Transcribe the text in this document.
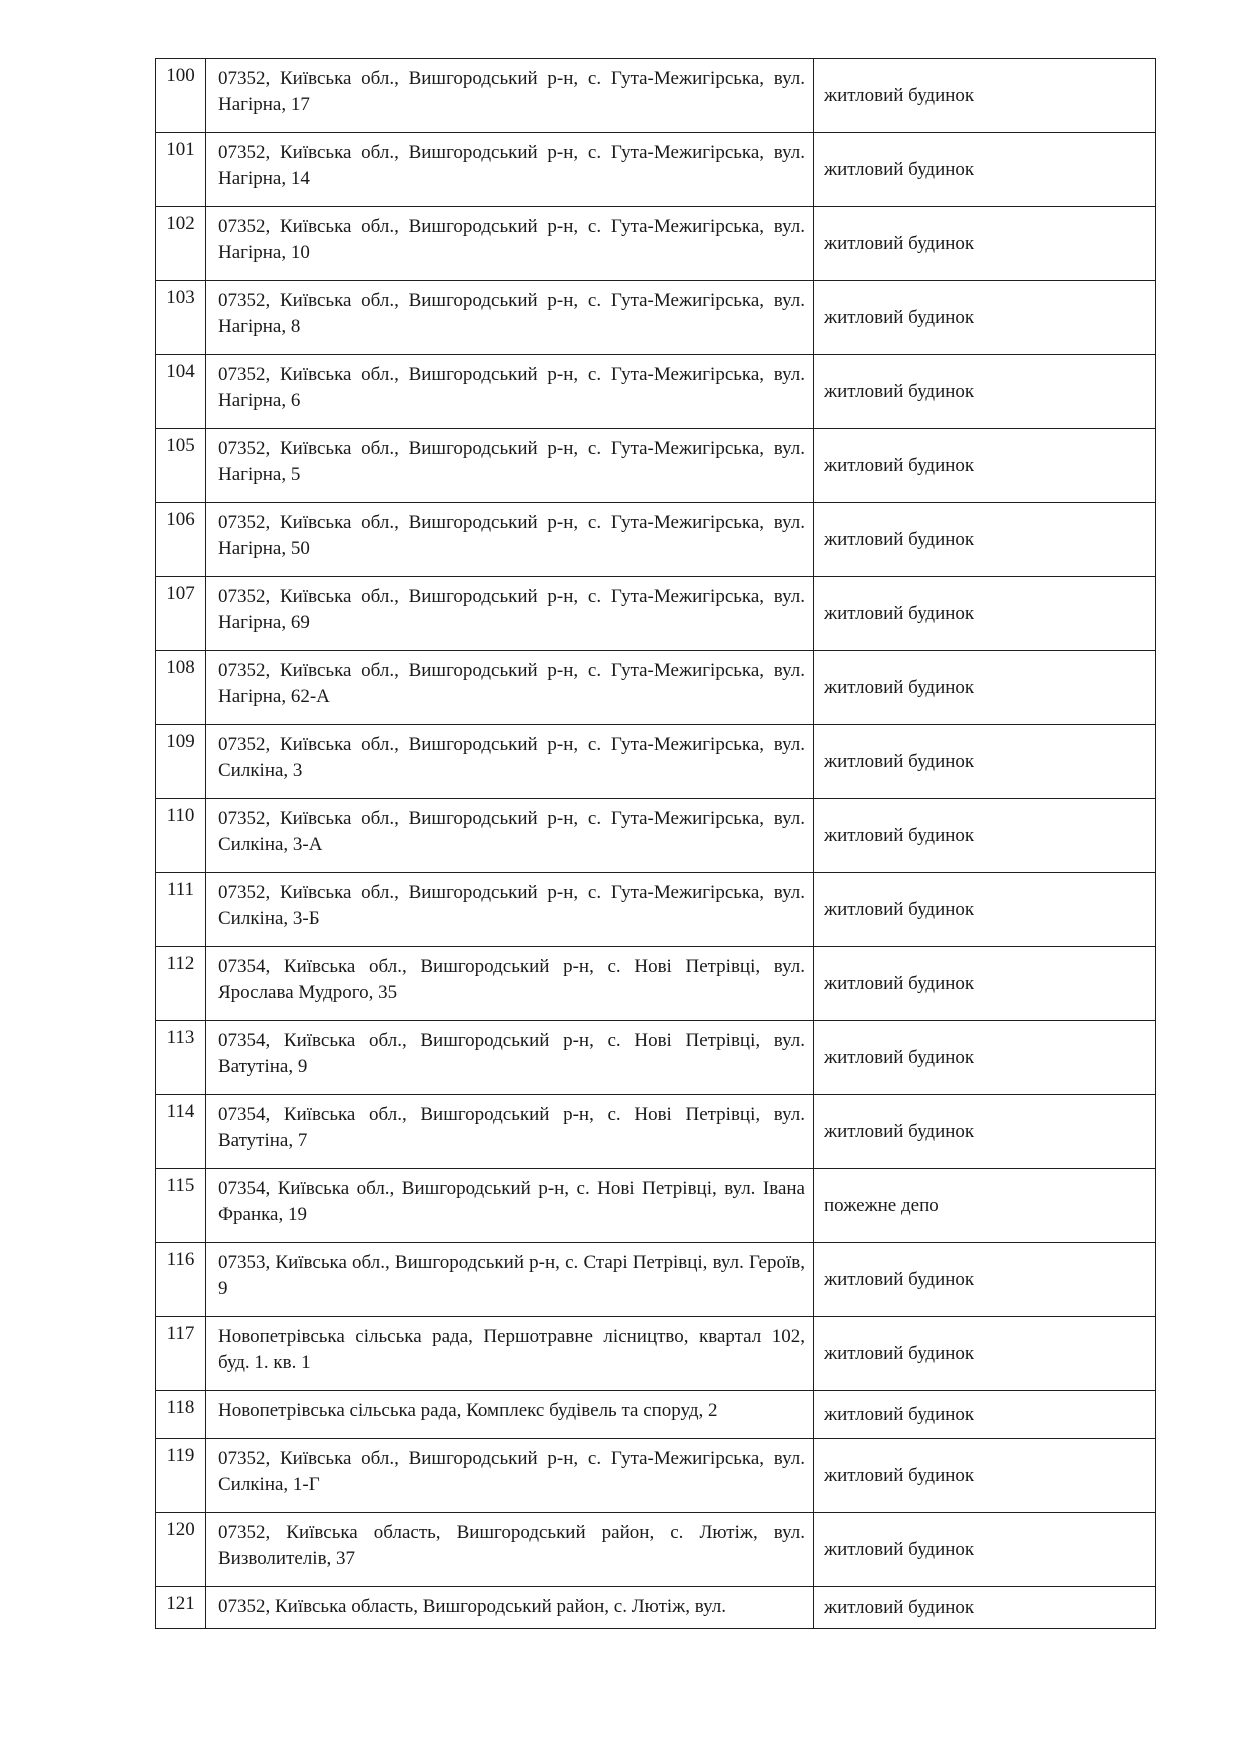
100	07352, Київська обл., Вишгородський р-н, с. Гута-Межигірська, вул. Нагірна, 17	житловий будинок
101	07352, Київська обл., Вишгородський р-н, с. Гута-Межигірська, вул. Нагірна, 14	житловий будинок
102	07352, Київська обл., Вишгородський р-н, с. Гута-Межигірська, вул. Нагірна, 10	житловий будинок
103	07352, Київська обл., Вишгородський р-н, с. Гута-Межигірська, вул. Нагірна, 8	житловий будинок
104	07352, Київська обл., Вишгородський р-н, с. Гута-Межигірська, вул. Нагірна, 6	житловий будинок
105	07352, Київська обл., Вишгородський р-н, с. Гута-Межигірська, вул. Нагірна, 5	житловий будинок
106	07352, Київська обл., Вишгородський р-н, с. Гута-Межигірська, вул. Нагірна, 50	житловий будинок
107	07352, Київська обл., Вишгородський р-н, с. Гута-Межигірська, вул. Нагірна, 69	житловий будинок
108	07352, Київська обл., Вишгородський р-н, с. Гута-Межигірська, вул. Нагірна, 62-А	житловий будинок
109	07352, Київська обл., Вишгородський р-н, с. Гута-Межигірська, вул. Силкіна, 3	житловий будинок
110	07352, Київська обл., Вишгородський р-н, с. Гута-Межигірська, вул. Силкіна, 3-А	житловий будинок
111	07352, Київська обл., Вишгородський р-н, с. Гута-Межигірська, вул. Силкіна, 3-Б	житловий будинок
112	07354, Київська обл., Вишгородський р-н, с. Нові Петрівці, вул. Ярослава Мудрого, 35	житловий будинок
113	07354, Київська обл., Вишгородський р-н, с. Нові Петрівці, вул. Ватутіна, 9	житловий будинок
114	07354, Київська обл., Вишгородський р-н, с. Нові Петрівці, вул. Ватутіна, 7	житловий будинок
115	07354, Київська обл., Вишгородський р-н, с. Нові Петрівці, вул. Івана Франка, 19	пожежне депо
116	07353, Київська обл., Вишгородський р-н, с. Старі Петрівці, вул. Героїв, 9	житловий будинок
117	Новопетрівська сільська рада, Першотравне лісництво, квартал 102, буд. 1. кв. 1	житловий будинок
118	Новопетрівська сільська рада, Комплекс будівель та споруд, 2	житловий будинок
119	07352, Київська обл., Вишгородський р-н, с. Гута-Межигірська, вул. Силкіна, 1-Г	житловий будинок
120	07352, Київська область, Вишгородський район, с. Лютіж, вул. Визволителів, 37	житловий будинок
121	07352, Київська область, Вишгородський район, с. Лютіж, вул.	житловий будинок
